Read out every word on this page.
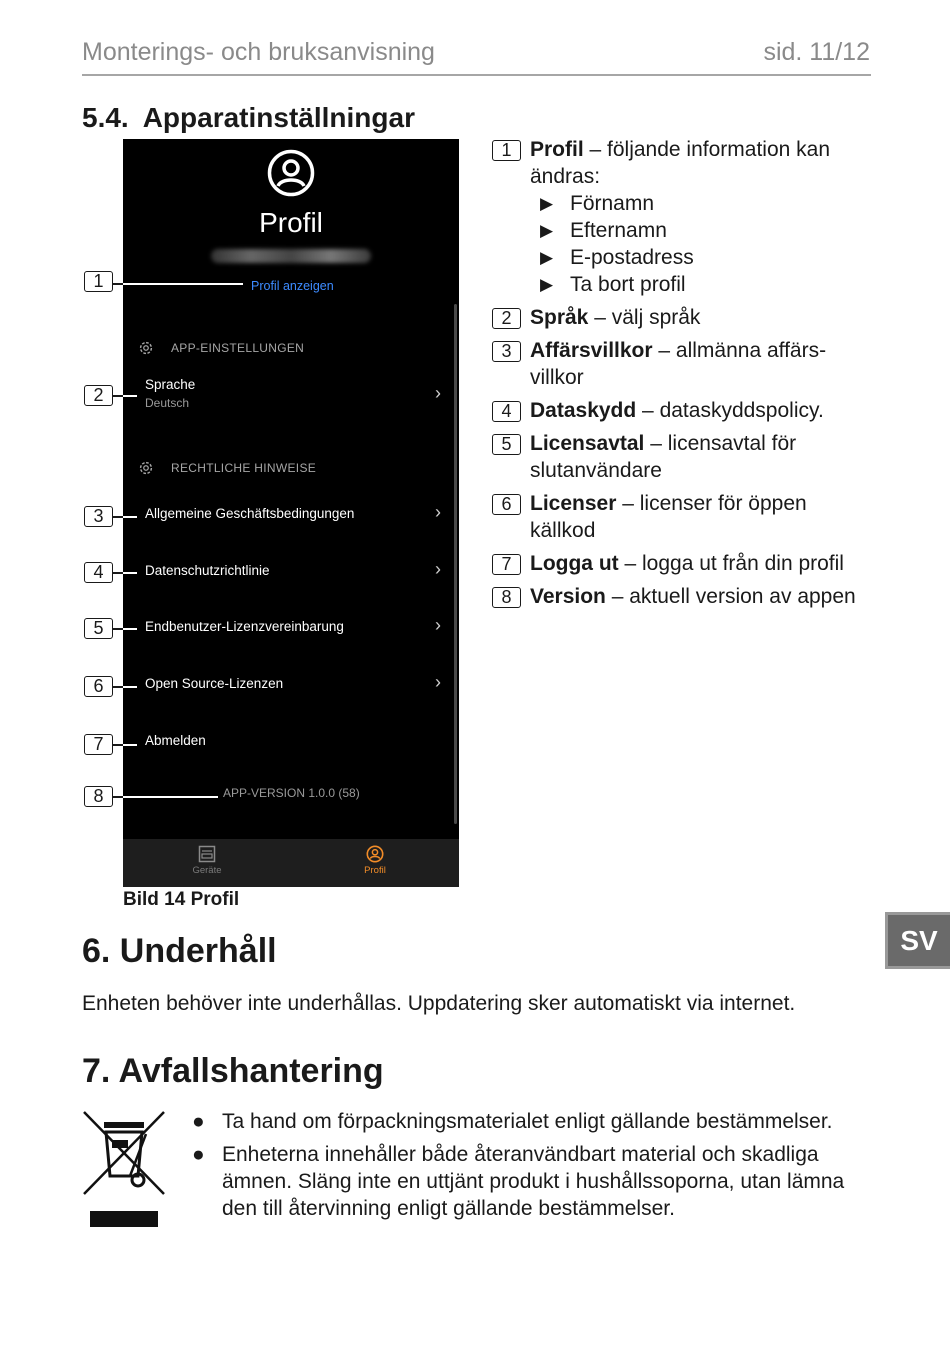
Monterings- och bruksanvisning	sid. 11/12
5.4. Apparatinställningar
Profil
Profil anzeigen
APP-EINSTELLUNGEN
Sprache
Deutsch	›
RECHTLICHE HINWEISE
Allgemeine Geschäftsbedingungen	›
Datenschutzrichtlinie	›
Endbenutzer-Lizenzvereinbarung	›
Open Source-Lizenzen	›
Abmelden
APP-VERSION 1.0.0 (58)
Geräte	Profil
1
2
3
4
5
6
7
8
Bild 14 Profil
1 Profil – följande information kan ändras:
▶ Förnamn
▶ Efternamn
▶ E-postadress
▶ Ta bort profil
2 Språk – välj språk
3 Affärsvillkor – allmänna affärs-villkor
4 Dataskydd – dataskyddspolicy.
5 Licensavtal – licensavtal för slutanvändare
6 Licenser – licenser för öppen källkod
7 Logga ut – logga ut från din profil
8 Version – aktuell version av appen
SV
6. Underhåll
Enheten behöver inte underhållas. Uppdatering sker automatiskt via internet.
7. Avfallshantering
● Ta hand om förpackningsmaterialet enligt gällande bestämmelser.
● Enheterna innehåller både återanvändbart material och skadliga ämnen. Släng inte en uttjänt produkt i hushållssoporna, utan lämna den till återvinning enligt gällande bestämmelser.
